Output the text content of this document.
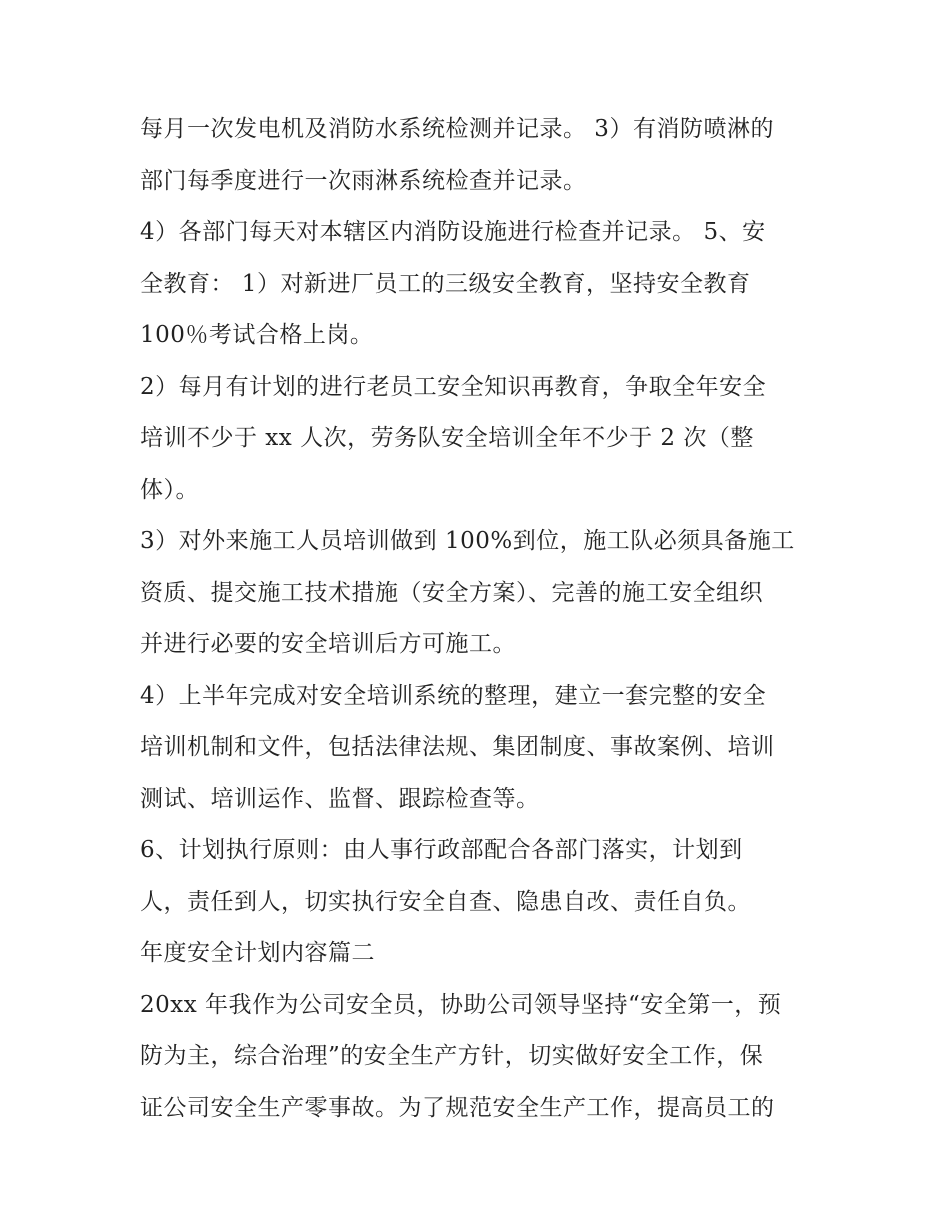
每月一次发电机及消防水系统检测并记录。 3）有消防喷淋的
部门每季度进行一次雨淋系统检查并记录。
4）各部门每天对本辖区内消防设施进行检查并记录。 5、安
全教育： 1）对新进厂员工的三级安全教育，坚持安全教育
100％考试合格上岗。
2）每月有计划的进行老员工安全知识再教育，争取全年安全
培训不少于 xx 人次，劳务队安全培训全年不少于 2 次（整
体）。
3）对外来施工人员培训做到 100%到位，施工队必须具备施工
资质、提交施工技术措施（安全方案）、完善的施工安全组织
并进行必要的安全培训后方可施工。
4）上半年完成对安全培训系统的整理，建立一套完整的安全
培训机制和文件，包括法律法规、集团制度、事故案例、培训
测试、培训运作、监督、跟踪检查等。
6、计划执行原则：由人事行政部配合各部门落实，计划到
人，责任到人，切实执行安全自查、隐患自改、责任自负。
年度安全计划内容篇二
20xx 年我作为公司安全员，协助公司领导坚持“安全第一，预
防为主，综合治理”的安全生产方针，切实做好安全工作，保
证公司安全生产零事故。为了规范安全生产工作，提高员工的
